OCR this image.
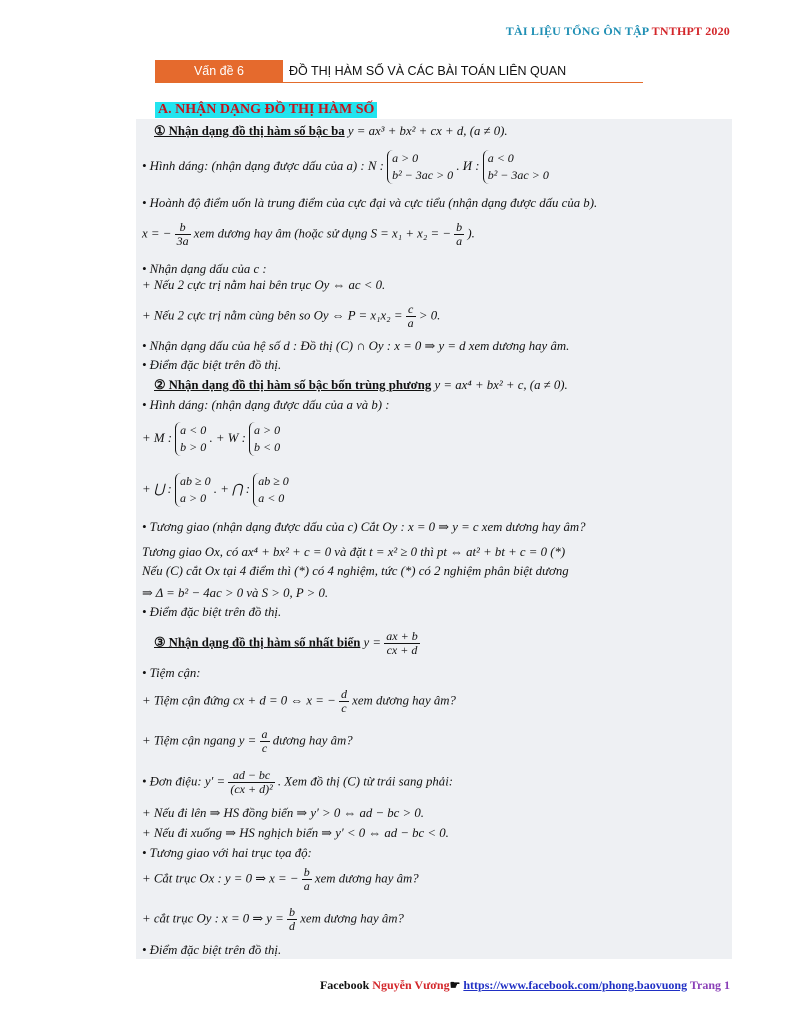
TÀI LIỆU TỔNG ÔN TẬP TNTHPT 2020
Vấn đề 6	ĐỒ THỊ HÀM SỐ VÀ CÁC BÀI TOÁN LIÊN QUAN
A. NHẬN DẠNG ĐỒ THỊ HÀM SỐ
① Nhận dạng đồ thị hàm số bậc ba y = ax³ + bx² + cx + d, (a ≠ 0).
• Hình dáng: (nhận dạng được dấu của a) : N : a > 0
b² − 3ac > 0 . И : a < 0
b² − 3ac > 0
• Hoành độ điểm uốn là trung điểm của cực đại và cực tiểu (nhận dạng được dấu của b).
x = − $\frac{b}{3a}$ xem dương hay âm (hoặc sử dụng S = x₁ + x₂ = − $\frac{b}{a}$ ).
• Nhận dạng dấu của c :
+ Nếu 2 cực trị nằm hai bên trục Oy ⇔ ac < 0.
+ Nếu 2 cực trị nằm cùng bên so Oy ⇔ $P = x_1x_2 = \frac{c}{a} > 0$.
• Nhận dạng dấu của hệ số d : Đồ thị (C) ∩ Oy : x = 0 ⇒ y = d xem dương hay âm.
• Điểm đặc biệt trên đồ thị.
② Nhận dạng đồ thị hàm số bậc bốn trùng phương y = ax⁴ + bx² + c, (a ≠ 0).
• Hình dáng: (nhận dạng được dấu của a và b) :
+ M : a < 0
b > 0 . + W : a > 0
b < 0
+ ⋃ : ab ≥ 0
a > 0 . + ⋂ : ab ≥ 0
a < 0
• Tương giao (nhận dạng được dấu của c) Cắt Oy : x = 0 ⇒ y = c xem dương hay âm?
Tương giao Ox, có ax⁴ + bx² + c = 0 và đặt t = x² ≥ 0 thì pt ⇔ at² + bt + c = 0 (*)
Nếu (C) cắt Ox tại 4 điểm thì (*) có 4 nghiệm, tức (*) có 2 nghiệm phân biệt dương
⇒ Δ = b² − 4ac > 0 và S > 0, P > 0.
• Điểm đặc biệt trên đồ thị.
③ Nhận dạng đồ thị hàm số nhất biến $y = \frac{ax + b}{cx + d}$
• Tiệm cận:
+ Tiệm cận đứng cx + d = 0 ⇔ x = − $\frac{d}{c}$ xem dương hay âm?
+ Tiệm cận ngang $y = \frac{a}{c}$ dương hay âm?
• Đơn điệu: $y' = \frac{ad - bc}{\text{(cx + d)²}}$ . Xem đồ thị (C) từ trái sang phải:
+ Nếu đi lên ⇒ HS đồng biến ⇒ y′ > 0 ⇔ ad − bc > 0.
+ Nếu đi xuống ⇒ HS nghịch biến ⇒ y′ < 0 ⇔ ad − bc < 0.
• Tương giao với hai trục tọa độ:
+ Cắt trục Ox : y = 0 ⇒ x = − $\frac{b}{a}$ xem dương hay âm?
+ cắt trục Oy : x = 0 ⇒ $y = \frac{b}{d}$ xem dương hay âm?
• Điểm đặc biệt trên đồ thị.
Facebook Nguyễn Vương☛ https://www.facebook.com/phong.baovuong Trang 1
